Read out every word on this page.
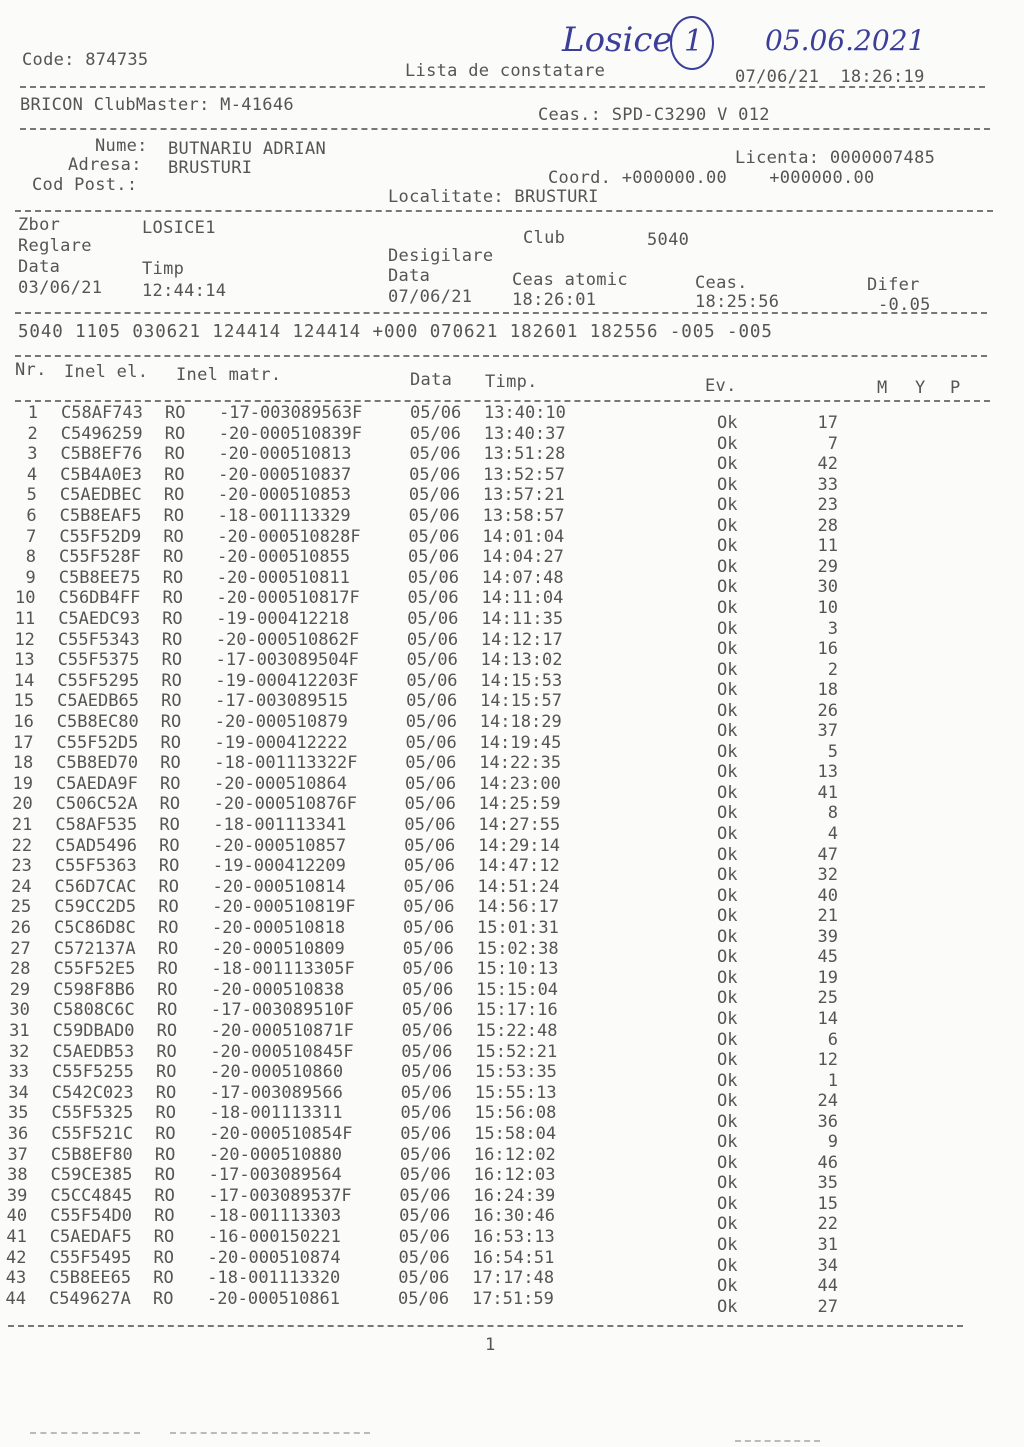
Losice 1 05.06.2021
Code: 874735
Lista de constatare	07/06/21  18:26:19
BRICON ClubMaster: M-41646	Ceas.: SPD-C3290 V 012
Nume: BUTNARIU ADRIAN
Adresa: BRUSTURI	Licenta: 0000007485
Cod Post.:	Coord. +000000.00    +000000.00
Localitate: BRUSTURI
Zbor	LOSICE1
Reglare	Club	5040
Desigilare
Data	Timp	Data	Ceas atomic	Ceas.	Difer
03/06/21 12:44:14	07/06/21 18:26:01	18:25:56	-0.05
5040 1105 030621 124414 124414 +000 070621 182601 182556 -005 -005
Nr. Inel el. Inel matr.	Data Timp.	Ev.	M Y P
1 C58AF743 RO -17-003089563F	05/06 13:40:10	Ok	17
2 C5496259 RO -20-000510839F	05/06 13:40:37	Ok	7
3 C5B8EF76 RO -20-000510813	05/06 13:51:28	Ok	42
4 C5B4A0E3 RO -20-000510837	05/06 13:52:57	Ok	33
5 C5AEDBEC RO -20-000510853	05/06 13:57:21	Ok	23
6 C5B8EAF5 RO -18-001113329	05/06 13:58:57	Ok	28
7 C55F52D9 RO -20-000510828F	05/06 14:01:04	Ok	11
8 C55F528F RO -20-000510855	05/06 14:04:27	Ok	29
9 C5B8EE75 RO -20-000510811	05/06 14:07:48	Ok	30
10 C56DB4FF RO -20-000510817F	05/06 14:11:04	Ok	10
11 C5AEDC93 RO -19-000412218	05/06 14:11:35	Ok	3
12 C55F5343 RO -20-000510862F	05/06 14:12:17	Ok	16
13 C55F5375 RO -17-003089504F	05/06 14:13:02	Ok	2
14 C55F5295 RO -19-000412203F	05/06 14:15:53	Ok	18
15 C5AEDB65 RO -17-003089515	05/06 14:15:57	Ok	26
16 C5B8EC80 RO -20-000510879	05/06 14:18:29	Ok	37
17 C55F52D5 RO -19-000412222	05/06 14:19:45	Ok	5
18 C5B8ED70 RO -18-001113322F	05/06 14:22:35	Ok	13
19 C5AEDA9F RO -20-000510864	05/06 14:23:00	Ok	41
20 C506C52A RO -20-000510876F	05/06 14:25:59	Ok	8
21 C58AF535 RO -18-001113341	05/06 14:27:55	Ok	4
22 C5AD5496 RO -20-000510857	05/06 14:29:14	Ok	47
23 C55F5363 RO -19-000412209	05/06 14:47:12	Ok	32
24 C56D7CAC RO -20-000510814	05/06 14:51:24	Ok	40
25 C59CC2D5 RO -20-000510819F	05/06 14:56:17	Ok	21
26 C5C86D8C RO -20-000510818	05/06 15:01:31	Ok	39
27 C572137A RO -20-000510809	05/06 15:02:38	Ok	45
28 C55F52E5 RO -18-001113305F	05/06 15:10:13	Ok	19
29 C598F8B6 RO -20-000510838	05/06 15:15:04	Ok	25
30 C5808C6C RO -17-003089510F	05/06 15:17:16	Ok	14
31 C59DBAD0 RO -20-000510871F	05/06 15:22:48	Ok	6
32 C5AEDB53 RO -20-000510845F	05/06 15:52:21	Ok	12
33 C55F5255 RO -20-000510860	05/06 15:53:35	Ok	1
34 C542C023 RO -17-003089566	05/06 15:55:13	Ok	24
35 C55F5325 RO -18-001113311	05/06 15:56:08	Ok	36
36 C55F521C RO -20-000510854F	05/06 15:58:04	Ok	9
37 C5B8EF80 RO -20-000510880	05/06 16:12:02	Ok	46
38 C59CE385 RO -17-003089564	05/06 16:12:03	Ok	35
39 C5CC4845 RO -17-003089537F	05/06 16:24:39	Ok	15
40 C55F54D0 RO -18-001113303	05/06 16:30:46	Ok	22
41 C5AEDAF5 RO -16-000150221	05/06 16:53:13	Ok	31
42 C55F5495 RO -20-000510874	05/06 16:54:51	Ok	34
43 C5B8EE65 RO -18-001113320	05/06 17:17:48	Ok	44
44 C549627A RO -20-000510861	05/06 17:51:59	Ok	27
1
